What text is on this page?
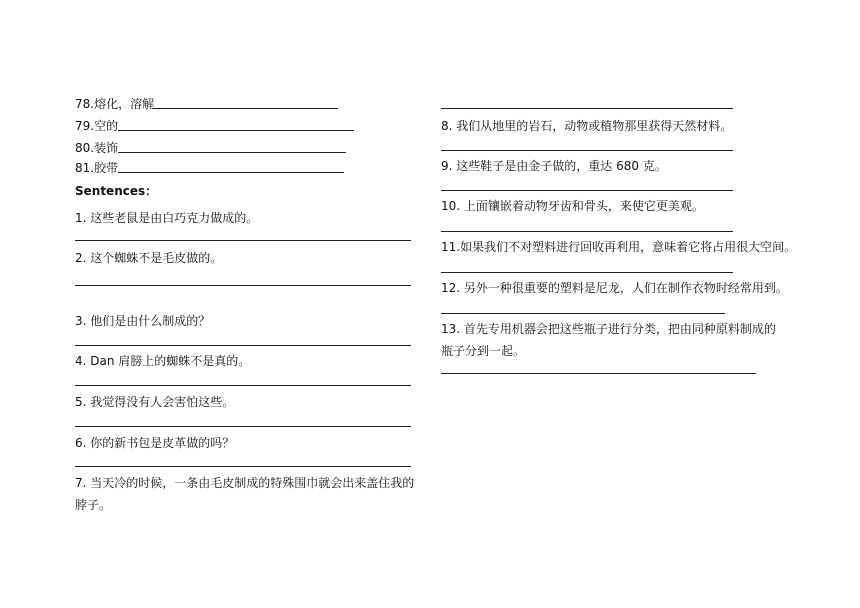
78.熔化，溶解
79.空的
80.装饰
81.胶带
Sentences：
1. 这些老鼠是由白巧克力做成的。
2. 这个蜘蛛不是毛皮做的。
3. 他们是由什么制成的？
4. Dan 肩膀上的蜘蛛不是真的。
5. 我觉得没有人会害怕这些。
6. 你的新书包是皮革做的吗？
7. 当天冷的时候，一条由毛皮制成的特殊围巾就会出来盖住我的
脖子。
8. 我们从地里的岩石，动物或植物那里获得天然材料。
9. 这些鞋子是由金子做的，重达 680 克。
10. 上面镶嵌着动物牙齿和骨头，来使它更美观。
11.如果我们不对塑料进行回收再利用，意味着它将占用很大空间。
12. 另外一种很重要的塑料是尼龙，人们在制作衣物时经常用到。
13. 首先专用机器会把这些瓶子进行分类，把由同种原料制成的
瓶子分到一起。
